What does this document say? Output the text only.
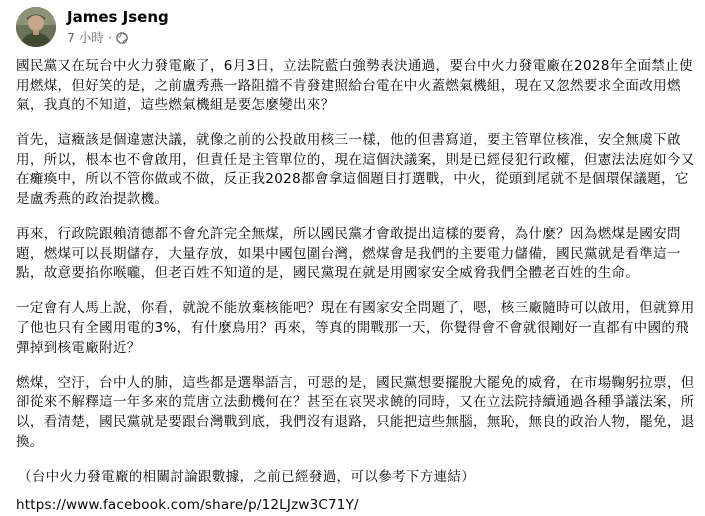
James Jseng
7 小時 ·

國民黨又在玩台中火力發電廠了，6月3日，立法院藍白強勢表決通過，要台中火力發電廠在2028年全面禁止使用燃煤，但好笑的是，之前盧秀燕一路阻擋不肯發建照給台電在中火蓋燃氣機組，現在又忽然要求全面改用燃氣，我真的不知道，這些燃氣機組是要怎麼變出來？

首先，這癥該是個違憲決議，就像之前的公投啟用核三一樣，他的但書寫道，要主管單位核准，安全無虞下啟用，所以，根本也不會啟用，但責任是主管單位的，現在這個決議案，則是已經侵犯行政權，但憲法法庭如今又在癱瘓中，所以不管你做或不做，反正我2028都會拿這個題目打選戰，中火，從頭到尾就不是個環保議題，它是盧秀燕的政治提款機。

再來，行政院跟賴清德都不會允許完全無煤，所以國民黨才會敢提出這樣的要脅，為什麼？因為燃煤是國安問題，燃煤可以長期儲存，大量存放，如果中國包圍台灣，燃煤會是我們的主要電力儲備，國民黨就是看準這一點，故意要掐你喉嚨，但老百姓不知道的是，國民黨現在就是用國家安全威脅我們全體老百姓的生命。

一定會有人馬上說，你看，就說不能放棄核能吧？現在有國家安全問題了，嗯，核三廠隨時可以啟用，但就算用了他也只有全國用電的3%，有什麼鳥用？再來，等真的開戰那一天，你覺得會不會就很剛好一直都有中國的飛彈掉到核電廠附近？

燃煤，空汙，台中人的肺，這些都是選舉語言，可惡的是，國民黨想要擺脫大罷免的威脅，在市場鞠躬拉票，但卻從來不解釋這一年多來的荒唐立法動機何在？甚至在哀哭求饒的同時，又在立法院持續通過各種爭議法案，所以，看清楚，國民黨就是要跟台灣戰到底，我們沒有退路，只能把這些無腦，無恥，無良的政治人物，罷免，退換。

（台中火力發電廠的相關討論跟數據，之前已經發過，可以參考下方連結）

https://www.facebook.com/share/p/12LJzw3C71Y/
